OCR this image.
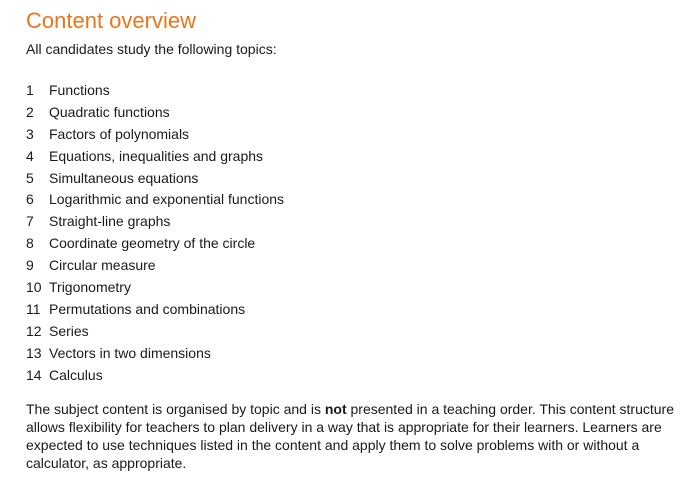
Content overview

All candidates study the following topics:

1 Functions
2 Quadratic functions
3 Factors of polynomials
4 Equations, inequalities and graphs
5 Simultaneous equations
6 Logarithmic and exponential functions
7 Straight-line graphs
8 Coordinate geometry of the circle
9 Circular measure
10 Trigonometry
11 Permutations and combinations
12 Series
13 Vectors in two dimensions
14 Calculus

The subject content is organised by topic and is not presented in a teaching order. This content structure allows flexibility for teachers to plan delivery in a way that is appropriate for their learners. Learners are expected to use techniques listed in the content and apply them to solve problems with or without a calculator, as appropriate.
